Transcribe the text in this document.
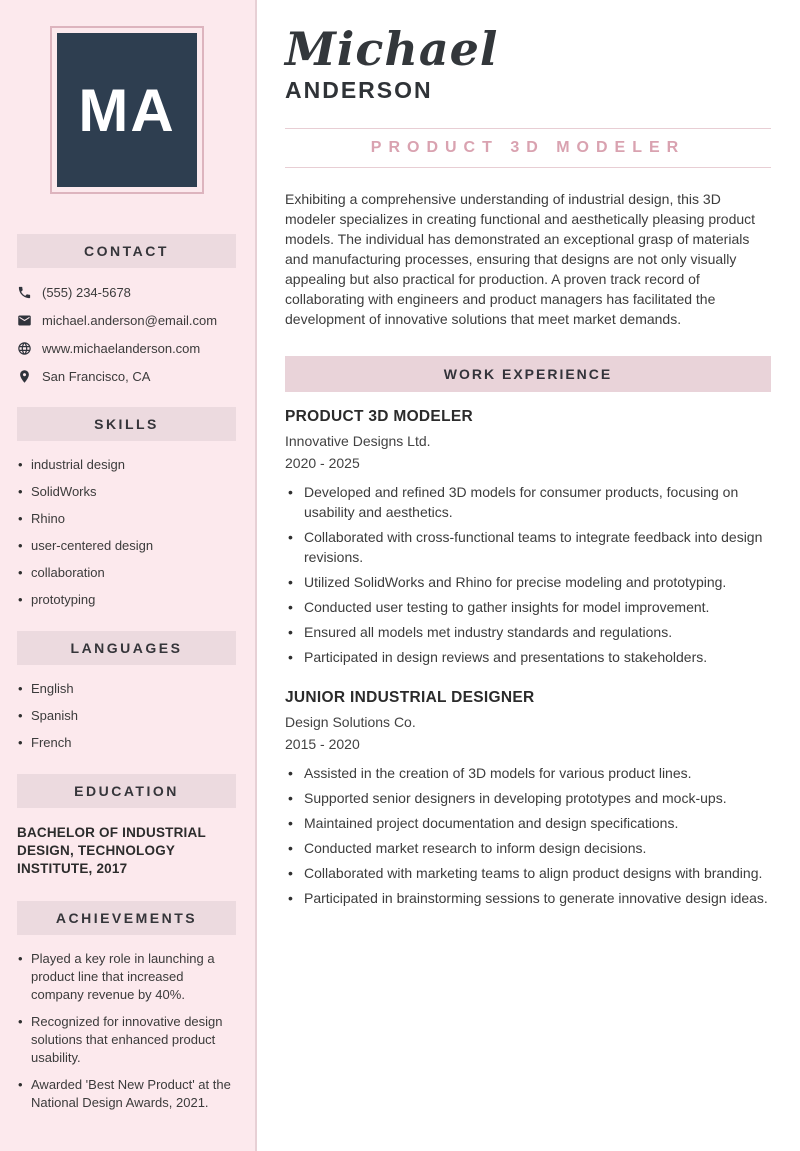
MA
CONTACT
(555) 234-5678
michael.anderson@email.com
www.michaelanderson.com
San Francisco, CA
SKILLS
• industrial design
• SolidWorks
• Rhino
• user-centered design
• collaboration
• prototyping
LANGUAGES
• English
• Spanish
• French
EDUCATION
BACHELOR OF INDUSTRIAL DESIGN, TECHNOLOGY INSTITUTE, 2017
ACHIEVEMENTS
• Played a key role in launching a product line that increased company revenue by 40%.
• Recognized for innovative design solutions that enhanced product usability.
• Awarded 'Best New Product' at the National Design Awards, 2021.
Michael
ANDERSON
PRODUCT 3D MODELER

Exhibiting a comprehensive understanding of industrial design, this 3D modeler specializes in creating functional and aesthetically pleasing product models. The individual has demonstrated an exceptional grasp of materials and manufacturing processes, ensuring that designs are not only visually appealing but also practical for production. A proven track record of collaborating with engineers and product managers has facilitated the development of innovative solutions that meet market demands.

WORK EXPERIENCE
PRODUCT 3D MODELER
Innovative Designs Ltd.
2020 - 2025
• Developed and refined 3D models for consumer products, focusing on usability and aesthetics.
• Collaborated with cross-functional teams to integrate feedback into design revisions.
• Utilized SolidWorks and Rhino for precise modeling and prototyping.
• Conducted user testing to gather insights for model improvement.
• Ensured all models met industry standards and regulations.
• Participated in design reviews and presentations to stakeholders.
JUNIOR INDUSTRIAL DESIGNER
Design Solutions Co.
2015 - 2020
• Assisted in the creation of 3D models for various product lines.
• Supported senior designers in developing prototypes and mock-ups.
• Maintained project documentation and design specifications.
• Conducted market research to inform design decisions.
• Collaborated with marketing teams to align product designs with branding.
• Participated in brainstorming sessions to generate innovative design ideas.
